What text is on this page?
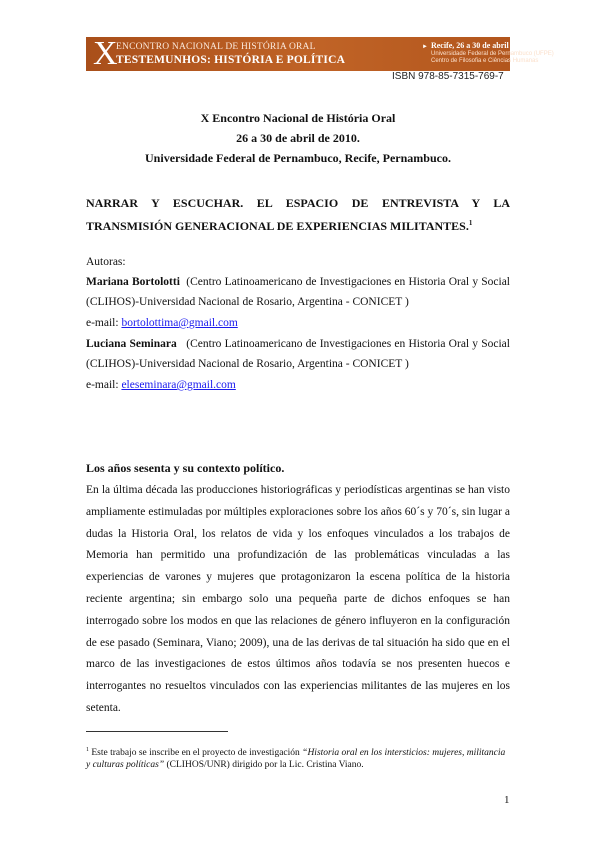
X
ENCONTRO NACIONAL DE HISTÓRIA ORAL
TESTEMUNHOS: HISTÓRIA E POLÍTICA
► Recife, 26 a 30 de abril de 2010.
Universidade Federal de Pernambuco (UFPE)
Centro de Filosofia e Ciências Humanas
ISBN 978-85-7315-769-7
X Encontro Nacional de História Oral
26 a 30 de abril de 2010.
Universidade Federal de Pernambuco, Recife, Pernambuco.
NARRAR Y ESCUCHAR. EL ESPACIO DE ENTREVISTA Y LA TRANSMISIÓN GENERACIONAL DE EXPERIENCIAS MILITANTES.$^1$
Autoras:
Mariana Bortolotti (Centro Latinoamericano de Investigaciones en Historia Oral y Social (CLIHOS)-Universidad Nacional de Rosario, Argentina - CONICET )
e-mail: bortolottima@gmail.com
Luciana Seminara (Centro Latinoamericano de Investigaciones en Historia Oral y Social (CLIHOS)-Universidad Nacional de Rosario, Argentina - CONICET )
e-mail: eleseminara@gmail.com
Los años sesenta y su contexto político.
En la última década las producciones historiográficas y periodísticas argentinas se han visto ampliamente estimuladas por múltiples exploraciones sobre los años 60´s y 70´s, sin lugar a dudas la Historia Oral, los relatos de vida y los enfoques vinculados a los trabajos de Memoria han permitido una profundización de las problemáticas vinculadas a las experiencias de varones y mujeres que protagonizaron la escena política de la historia reciente argentina; sin embargo solo una pequeña parte de dichos enfoques se han interrogado sobre los modos en que las relaciones de género influyeron en la configuración de ese pasado (Seminara, Viano; 2009), una de las derivas de tal situación ha sido que en el marco de las investigaciones de estos últimos años todavía se nos presenten huecos e interrogantes no resueltos vinculados con las experiencias militantes de las mujeres en los setenta.
$^1$ Este trabajo se inscribe en el proyecto de investigación “Historia oral en los intersticios: mujeres, militancia y culturas políticas” (CLIHOS/UNR) dirigido por la Lic. Cristina Viano.
1
